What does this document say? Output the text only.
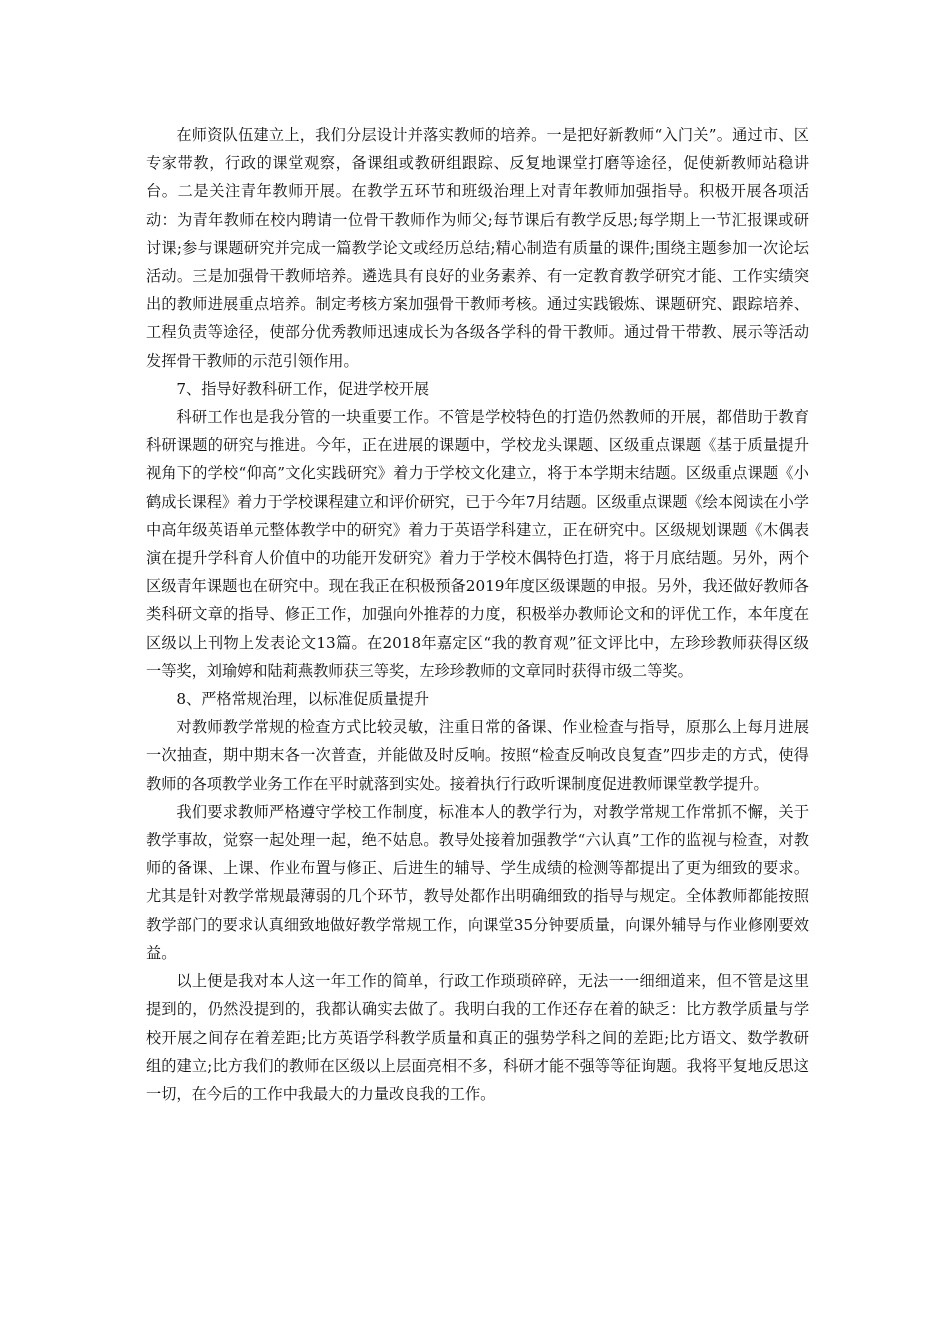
在师资队伍建立上，我们分层设计并落实教师的培养。一是把好新教师“入门关”。通过市、区专家带教，行政的课堂观察，备课组或教研组跟踪、反复地课堂打磨等途径，促使新教师站稳讲台。二是关注青年教师开展。在教学五环节和班级治理上对青年教师加强指导。积极开展各项活动：为青年教师在校内聘请一位骨干教师作为师父;每节课后有教学反思;每学期上一节汇报课或研讨课;参与课题研究并完成一篇教学论文或经历总结;精心制造有质量的课件;围绕主题参加一次论坛活动。三是加强骨干教师培养。遴选具有良好的业务素养、有一定教育教学研究才能、工作实绩突出的教师进展重点培养。制定考核方案加强骨干教师考核。通过实践锻炼、课题研究、跟踪培养、工程负责等途径，使部分优秀教师迅速成长为各级各学科的骨干教师。通过骨干带教、展示等活动发挥骨干教师的示范引领作用。

7、指导好教科研工作，促进学校开展

科研工作也是我分管的一块重要工作。不管是学校特色的打造仍然教师的开展，都借助于教育科研课题的研究与推进。今年，正在进展的课题中，学校龙头课题、区级重点课题《基于质量提升视角下的学校“仰高”文化实践研究》着力于学校文化建立，将于本学期末结题。区级重点课题《小鹤成长课程》着力于学校课程建立和评价研究，已于今年7月结题。区级重点课题《绘本阅读在小学中高年级英语单元整体教学中的研究》着力于英语学科建立，正在研究中。区级规划课题《木偶表演在提升学科育人价值中的功能开发研究》着力于学校木偶特色打造，将于月底结题。另外，两个区级青年课题也在研究中。现在我正在积极预备2019年度区级课题的申报。另外，我还做好教师各类科研文章的指导、修正工作，加强向外推荐的力度，积极举办教师论文和的评优工作，本年度在区级以上刊物上发表论文13篇。在2018年嘉定区“我的教育观”征文评比中，左珍珍教师获得区级一等奖，刘瑜婷和陆莉燕教师获三等奖，左珍珍教师的文章同时获得市级二等奖。

8、严格常规治理，以标准促质量提升

对教师教学常规的检查方式比较灵敏，注重日常的备课、作业检查与指导，原那么上每月进展一次抽查，期中期末各一次普查，并能做及时反响。按照“检查反响改良复查”四步走的方式，使得教师的各项教学业务工作在平时就落到实处。接着执行行政听课制度促进教师课堂教学提升。

我们要求教师严格遵守学校工作制度，标准本人的教学行为，对教学常规工作常抓不懈，关于教学事故，觉察一起处理一起，绝不姑息。教导处接着加强教学“六认真”工作的监视与检查，对教师的备课、上课、作业布置与修正、后进生的辅导、学生成绩的检测等都提出了更为细致的要求。尤其是针对教学常规最薄弱的几个环节，教导处都作出明确细致的指导与规定。全体教师都能按照教学部门的要求认真细致地做好教学常规工作，向课堂35分钟要质量，向课外辅导与作业修刚要效益。

以上便是我对本人这一年工作的简单，行政工作琐琐碎碎，无法一一细细道来，但不管是这里提到的，仍然没提到的，我都认确实去做了。我明白我的工作还存在着的缺乏：比方教学质量与学校开展之间存在着差距;比方英语学科教学质量和真正的强势学科之间的差距;比方语文、数学教研组的建立;比方我们的教师在区级以上层面亮相不多，科研才能不强等等征询题。我将平复地反思这一切，在今后的工作中我最大的力量改良我的工作。
